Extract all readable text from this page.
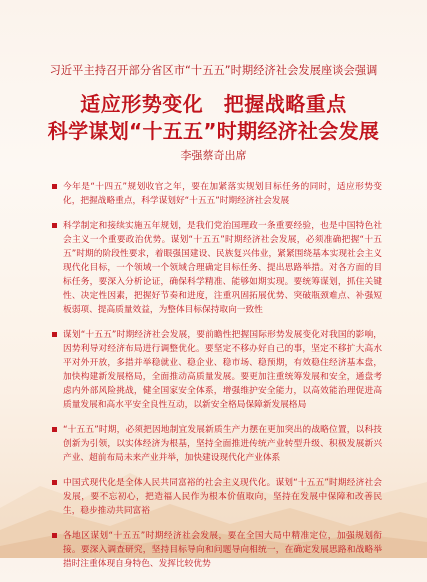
习近平主持召开部分省区市“十五五”时期经济社会发展座谈会强调
适应形势变化　把握战略重点
科学谋划“十五五”时期经济社会发展
李强蔡奇出席
今年是“十四五”规划收官之年，要在加紧落实规划目标任务的同时，适应形势变化，把握战略重点，科学谋划好“十五五”时期经济社会发展
科学制定和接续实施五年规划，是我们党治国理政一条重要经验，也是中国特色社会主义一个重要政治优势。谋划“十五五”时期经济社会发展，必须准确把握“十五五”时期的阶段性要求，着眼强国建设、民族复兴伟业，紧紧围绕基本实现社会主义现代化目标，一个领域一个领域合理确定目标任务、提出思路举措。对各方面的目标任务，要深入分析论证，确保科学精准、能够如期实现。要统筹谋划，抓住关键性、决定性因素，把握好节奏和进度，注重巩固拓展优势、突破瓶颈难点、补强短板弱项、提高质量效益，为整体目标保持取向一致性
谋划“十五五”时期经济社会发展，要前瞻性把握国际形势发展变化对我国的影响，因势利导对经济布局进行调整优化。要坚定不移办好自己的事，坚定不移扩大高水平对外开放，多措并举稳就业、稳企业、稳市场、稳预期，有效稳住经济基本盘，加快构建新发展格局，全面推动高质量发展。要更加注重统筹发展和安全，通盘考虑内外部风险挑战，健全国家安全体系，增强维护安全能力，以高效能治理促进高质量发展和高水平安全良性互动，以新安全格局保障新发展格局
“十五五”时期，必须把因地制宜发展新质生产力摆在更加突出的战略位置，以科技创新为引领，以实体经济为根基，坚持全面推进传统产业转型升级、积极发展新兴产业、超前布局未来产业并举，加快建设现代化产业体系
中国式现代化是全体人民共同富裕的社会主义现代化。谋划“十五五”时期经济社会发展，要不忘初心，把造福人民作为根本价值取向，坚持在发展中保障和改善民生，稳步推动共同富裕
各地区谋划“十五五”时期经济社会发展，要在全国大局中精准定位，加强规划衔接。要深入调查研究，坚持目标导向和问题导向相统一，在确定发展思路和战略举措时注重体现自身特色、发挥比较优势
